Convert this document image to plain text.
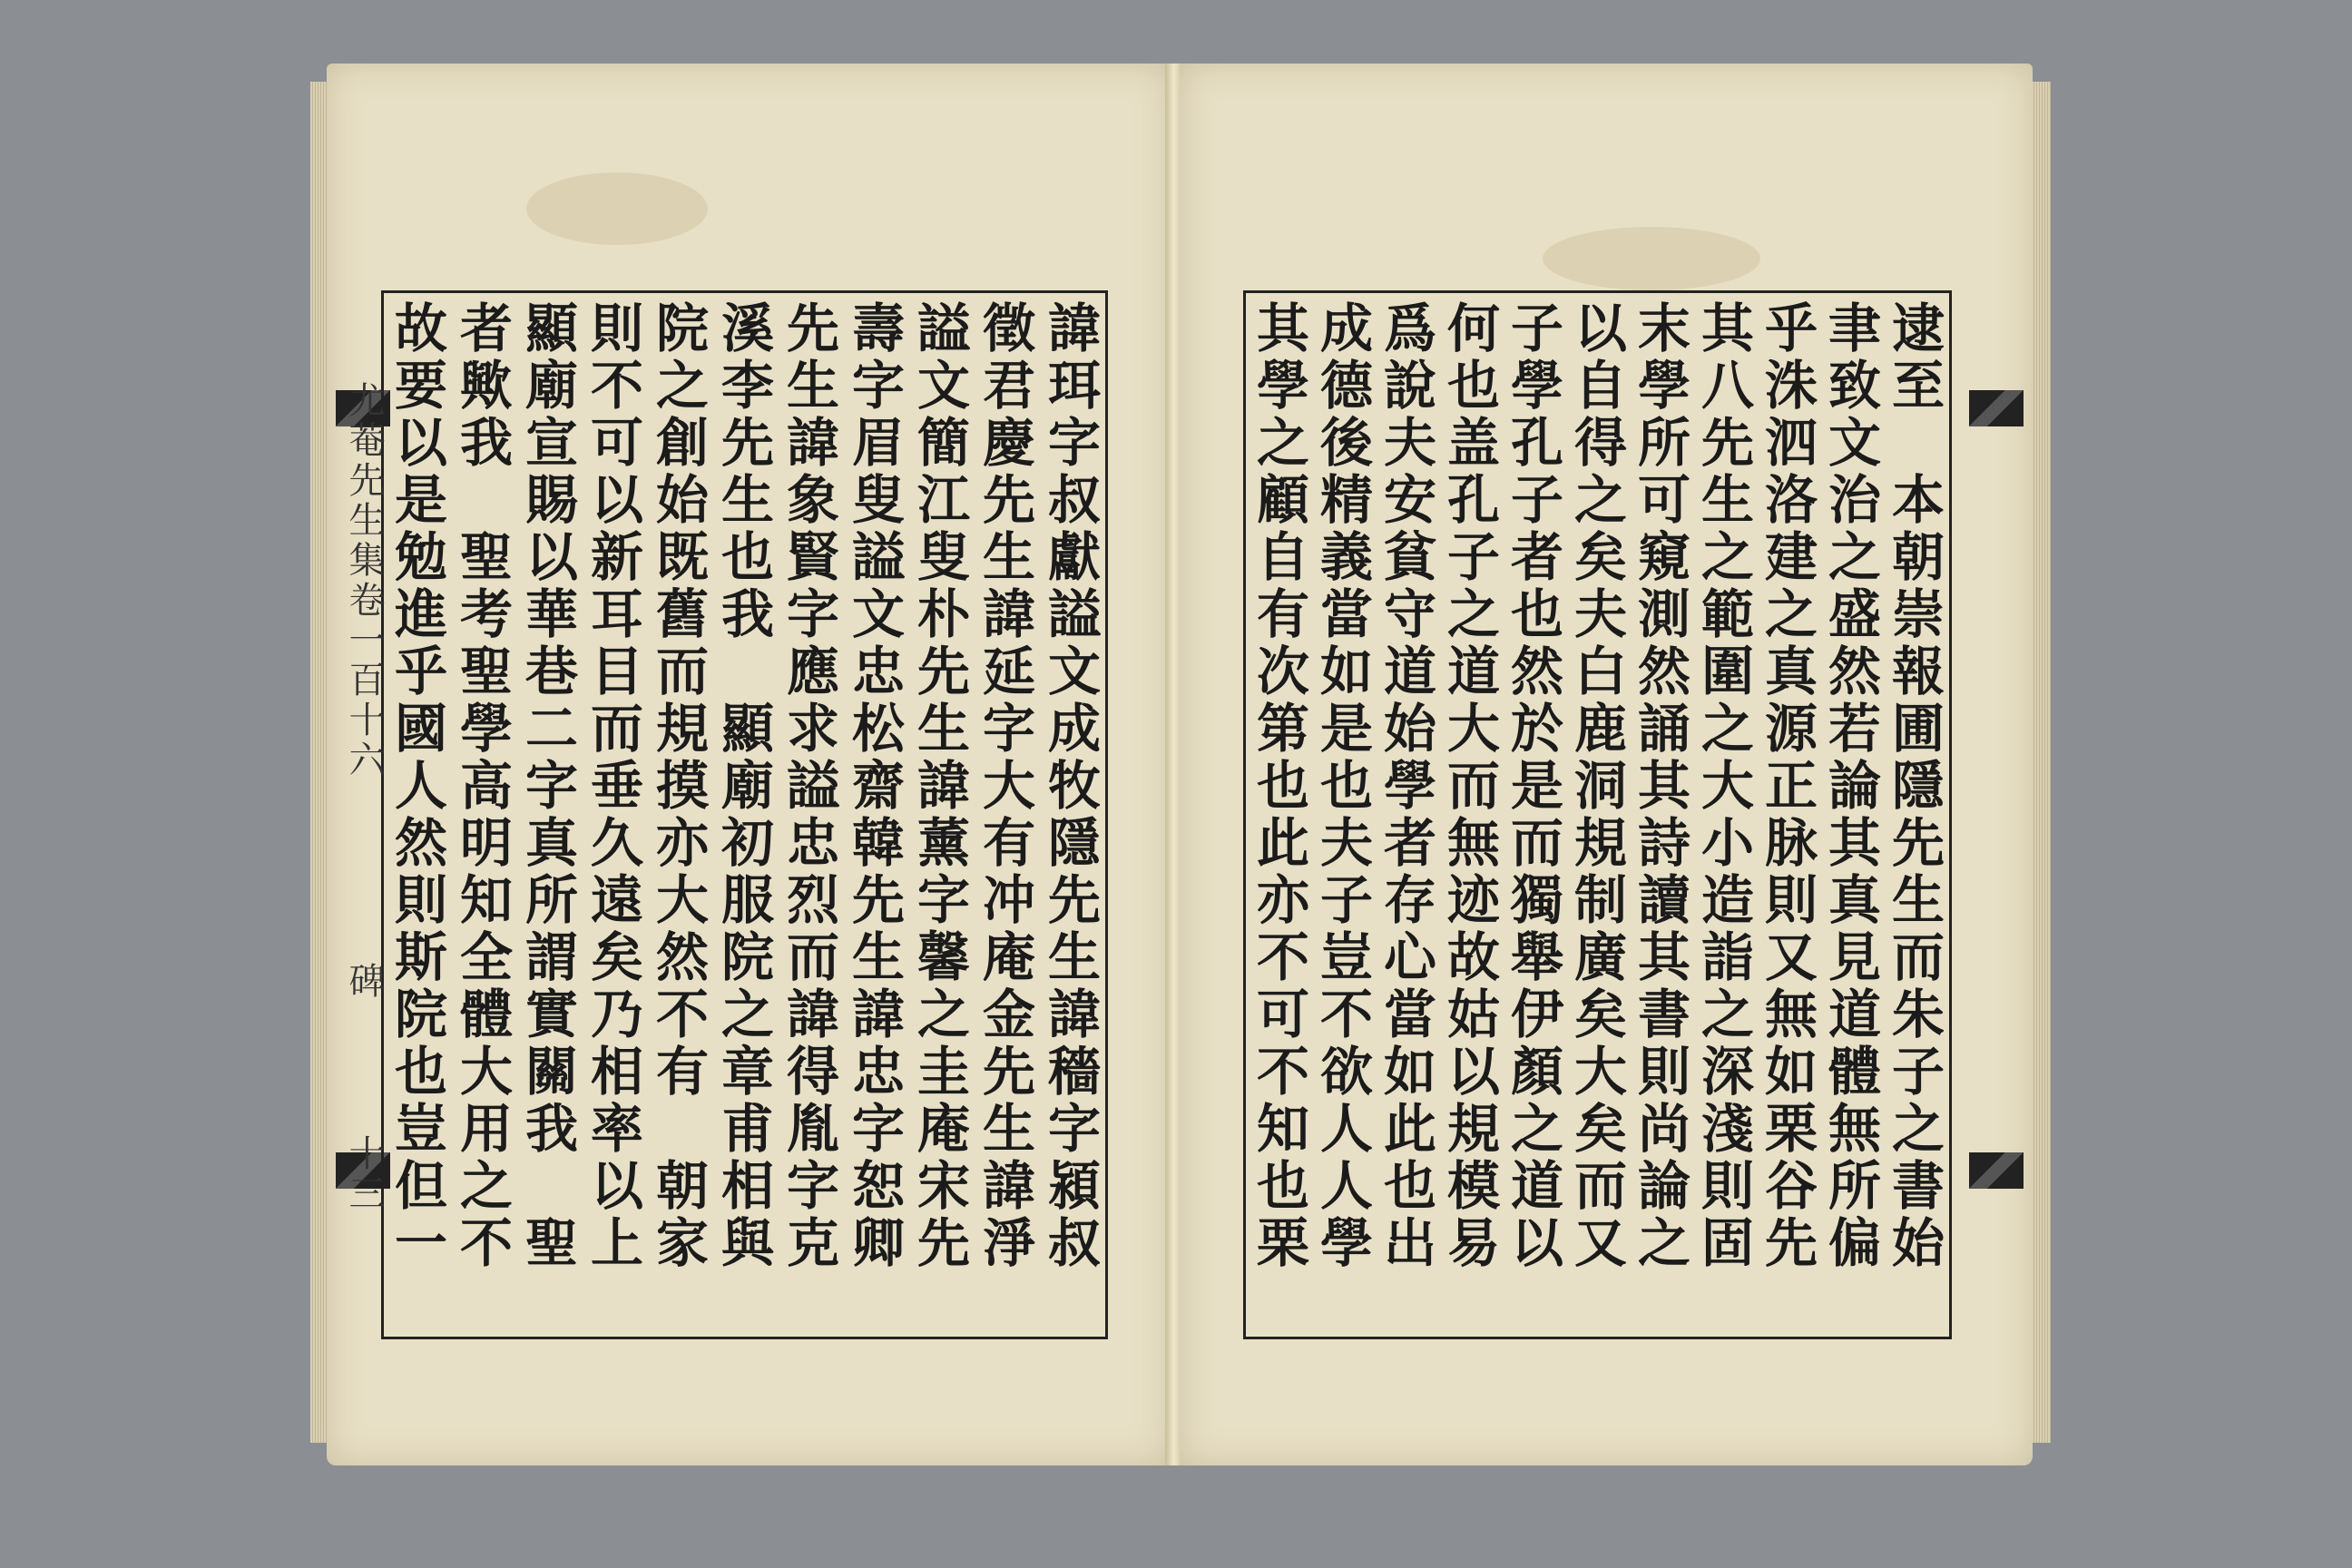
諱珥字叔獻謚文成牧隱先生諱穡字潁叔
徵君慶先生諱延字大有冲庵金先生諱淨
謚文簡江叟朴先生諱薰字馨之圭庵宋先
壽字眉叟謚文忠松齋韓先生諱忠字恕卿
先生諱象賢字應求謚忠烈而諱得胤字克
溪李先生也我　顯廟初服院之章甫相與
院之創始既舊而規摸亦大然不有　朝家
則不可以新耳目而垂久遠矣乃相率以上
顯廟宣賜以華巷二字真所謂實關我　聖
者歟我　聖考聖學高明知全體大用之不
故要以是勉進乎國人然則斯院也豈但一
尤菴先生集卷一百十六
碑
十三
逮至　本朝崇報圃隱先生而朱子之書始
聿致文治之盛然若論其真見道體無所偏
乎洙泗洛建之真源正脉則又無如栗谷先
其八先生之範圍之大小造詣之深淺則固
末學所可窺測然誦其詩讀其書則尚論之
以自得之矣夫白鹿洞規制廣矣大矣而又
子學孔子者也然於是而獨舉伊顏之道以
何也盖孔子之道大而無迹故姑以規模易
爲說夫安貧守道始學者存心當如此也出
成德後精義當如是也夫子豈不欲人人學
其學之顧自有次第也此亦不可不知也栗
